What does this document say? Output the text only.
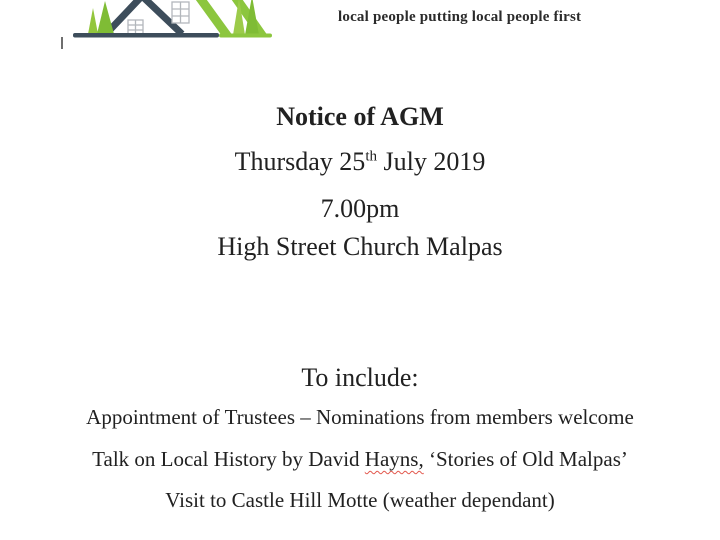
local people putting local people first
Notice of AGM
Thursday 25th July 2019
7.00pm
High Street Church Malpas
To include:
Appointment of Trustees – Nominations from members welcome
Talk on Local History by David Hayns, ‘Stories of Old Malpas’
Visit to Castle Hill Motte (weather dependant)
